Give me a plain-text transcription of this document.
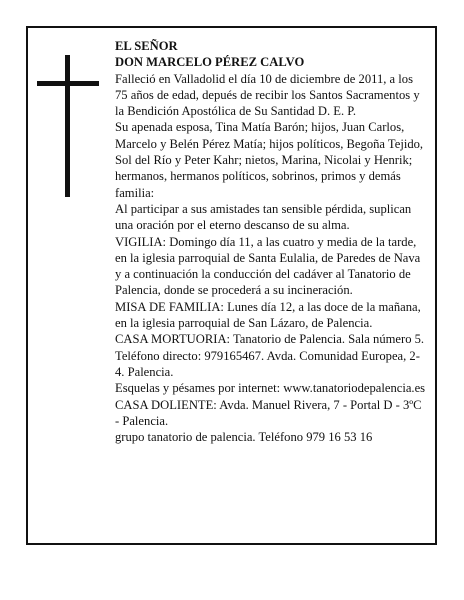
EL SEÑOR

DON MARCELO PÉREZ CALVO

Falleció en Valladolid el día 10 de diciembre de 2011, a los 75 años de edad, depués de recibir los Santos Sacramentos y la Bendición Apostólica de Su Santidad D. E. P.

Su apenada esposa, Tina Matía Barón; hijos, Juan Carlos, Marcelo y Belén Pérez Matía; hijos políticos, Begoña Tejido, Sol del Río y Peter Kahr; nietos, Marina, Nicolai y Henrik; hermanos, hermanos políticos, sobrinos, primos y demás familia:

Al participar a sus amistades tan sensible pérdida, suplican una oración por el eterno descanso de su alma.

VIGILIA: Domingo día 11, a las cuatro y media de la tarde, en la iglesia parroquial de Santa Eulalia, de Paredes de Nava y a continuación la conducción del cadáver al Tanatorio de Palencia, donde se procederá a su incineración.

MISA DE FAMILIA: Lunes día 12, a las doce de la mañana, en la iglesia parroquial de San Lázaro, de Palencia.

CASA MORTUORIA: Tanatorio de Palencia. Sala número 5. Teléfono directo: 979165467. Avda. Comunidad Europea, 2-4. Palencia.

Esquelas y pésames por internet: www.tanatoriodepalencia.es

CASA DOLIENTE: Avda. Manuel Rivera, 7 - Portal D - 3ºC - Palencia.

grupo tanatorio de palencia. Teléfono 979 16 53 16
